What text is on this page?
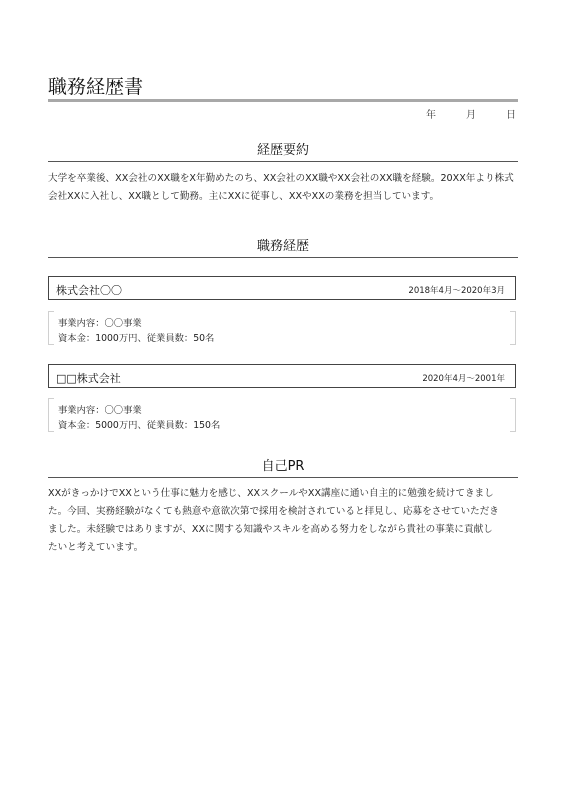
職務経歴書
年	月	日
経歴要約
大学を卒業後、XX会社のXX職をX年勤めたのち、XX会社のXX職やXX会社のXX職を経験。20XX年より株式
会社XXに入社し、XX職として勤務。主にXXに従事し、XXやXXの業務を担当しています。
職務経歴
株式会社〇〇	2018年4月～2020年3月
事業内容：〇〇事業
資本金：1000万円、従業員数：50名
□□株式会社	2020年4月～2001年
事業内容：〇〇事業
資本金：5000万円、従業員数：150名
自己PR
XXがきっかけでXXという仕事に魅力を感じ、XXスクールやXX講座に通い自主的に勉強を続けてきまし
た。今回、実務経験がなくても熱意や意欲次第で採用を検討されていると拝見し、応募をさせていただき
ました。未経験ではありますが、XXに関する知識やスキルを高める努力をしながら貴社の事業に貢献し
たいと考えています。
